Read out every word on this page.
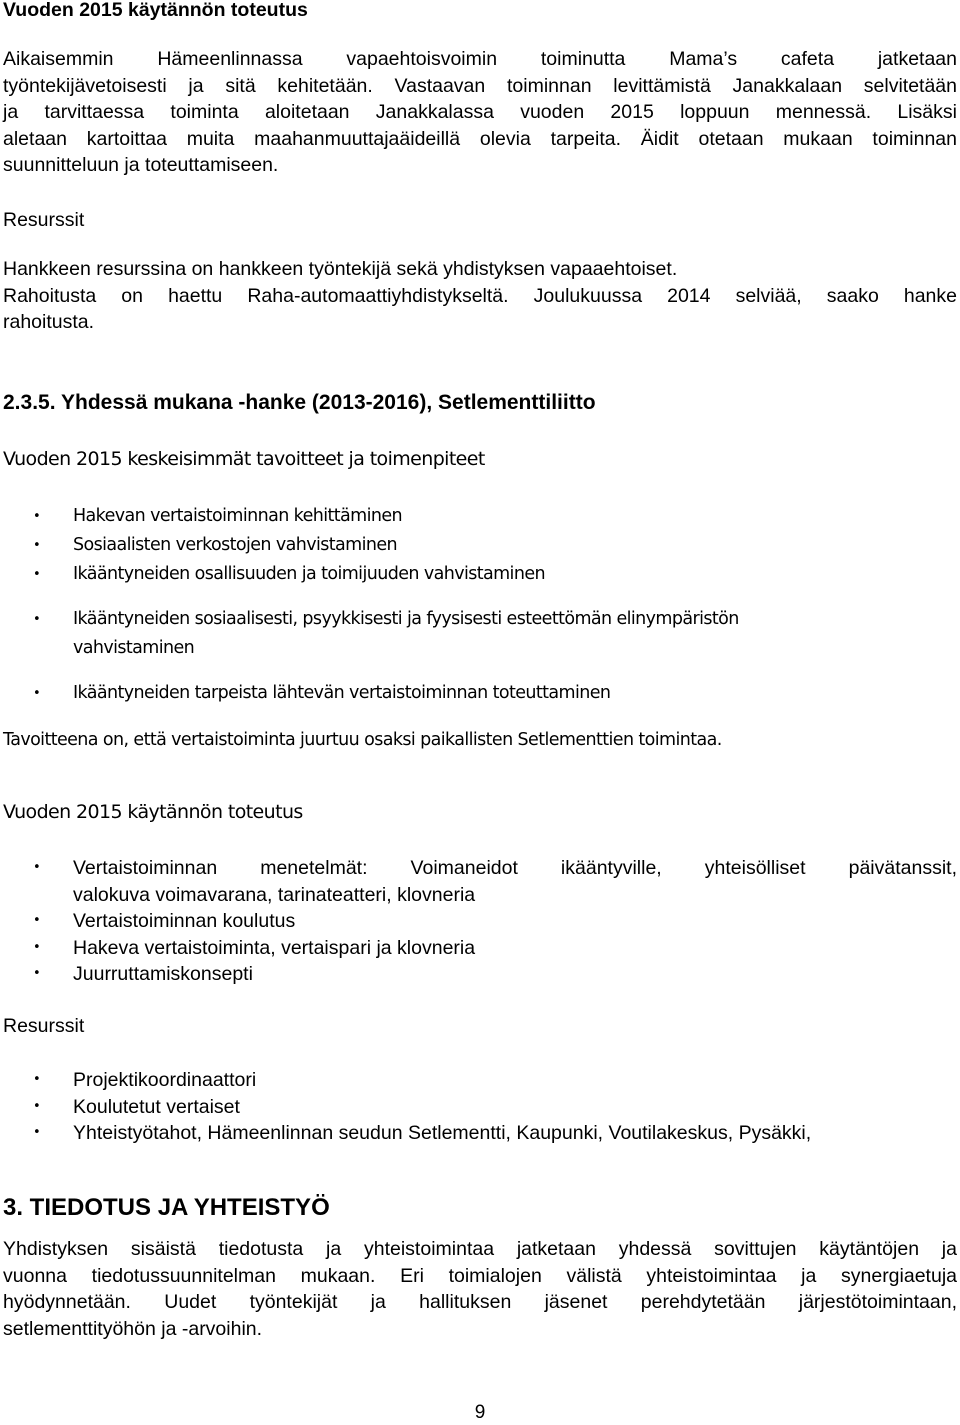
Vuoden 2015 käytännön toteutus
Aikaisemmin Hämeenlinnassa vapaehtoisvoimin toiminutta Mama’s cafeta jatketaan
työntekijävetoisesti ja sitä kehitetään. Vastaavan toiminnan levittämistä Janakkalaan selvitetään
ja tarvittaessa toiminta aloitetaan Janakkalassa vuoden 2015 loppuun mennessä. Lisäksi
aletaan kartoittaa muita maahanmuuttajaäideillä olevia tarpeita. Äidit otetaan mukaan toiminnan
suunnitteluun ja toteuttamiseen.
Resurssit
Hankkeen resurssina on hankkeen työntekijä sekä yhdistyksen vapaaehtoiset.
Rahoitusta on haettu Raha-automaattiyhdistykseltä. Joulukuussa 2014 selviää, saako hanke
rahoitusta.
2.3.5. Yhdessä mukana -hanke (2013-2016), Setlementtiliitto
Vuoden 2015 keskeisimmät tavoitteet ja toimenpiteet
• Hakevan vertaistoiminnan kehittäminen
• Sosiaalisten verkostojen vahvistaminen
• Ikääntyneiden osallisuuden ja toimijuuden vahvistaminen
• Ikääntyneiden sosiaalisesti, psyykkisesti ja fyysisesti esteettömän elinympäristön
vahvistaminen
• Ikääntyneiden tarpeista lähtevän vertaistoiminnan toteuttaminen
Tavoitteena on, että vertaistoiminta juurtuu osaksi paikallisten Setlementtien toimintaa.
Vuoden 2015 käytännön toteutus
• Vertaistoiminnan menetelmät: Voimaneidot ikääntyville, yhteisölliset päivätanssit,
valokuva voimavarana, tarinateatteri, klovneria
• Vertaistoiminnan koulutus
• Hakeva vertaistoiminta, vertaispari ja klovneria
• Juurruttamiskonsepti
Resurssit
• Projektikoordinaattori
• Koulutetut vertaiset
• Yhteistyötahot, Hämeenlinnan seudun Setlementti, Kaupunki, Voutilakeskus, Pysäkki,
3. TIEDOTUS JA YHTEISTYÖ
Yhdistyksen sisäistä tiedotusta ja yhteistoimintaa jatketaan yhdessä sovittujen käytäntöjen ja
vuonna tiedotussuunnitelman mukaan. Eri toimialojen välistä yhteistoimintaa ja synergiaetuja
hyödynnetään. Uudet työntekijät ja hallituksen jäsenet perehdytetään järjestötoimintaan,
setlementtityöhön ja -arvoihin.
9
